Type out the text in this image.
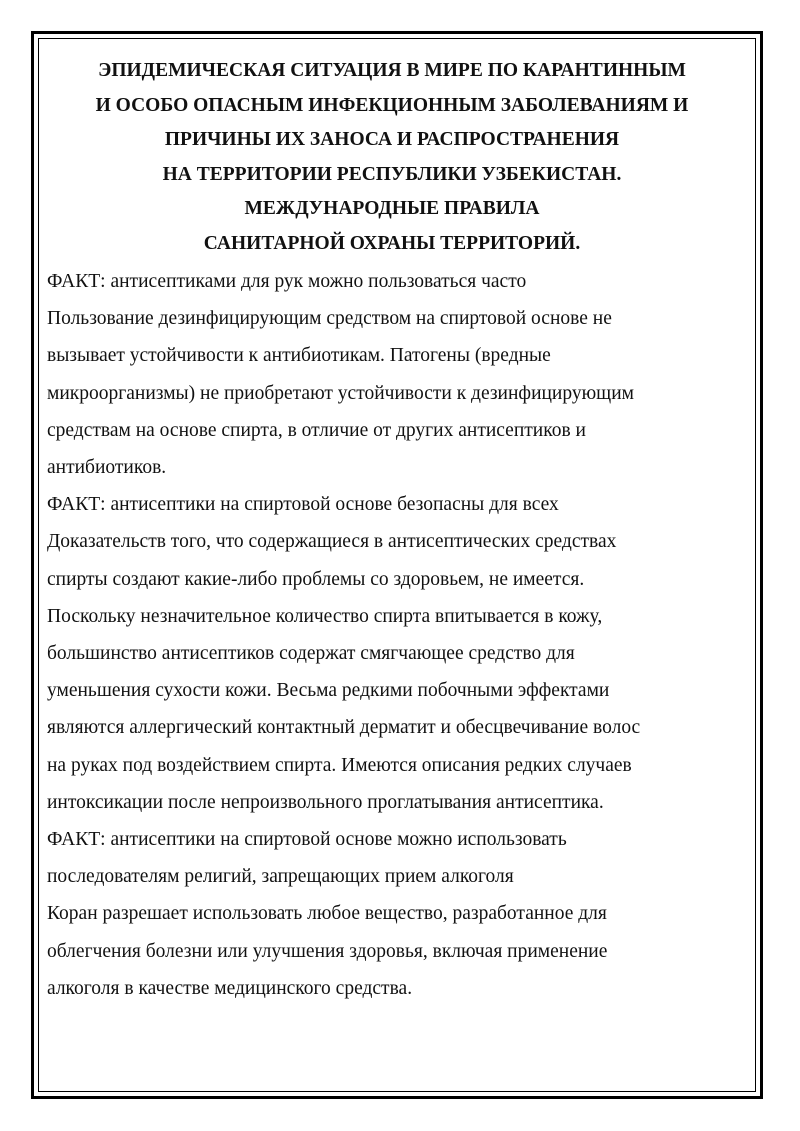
ЭПИДЕМИЧЕСКАЯ СИТУАЦИЯ В МИРЕ ПО КАРАНТИННЫМ
И ОСОБО ОПАСНЫМ ИНФЕКЦИОННЫМ ЗАБОЛЕВАНИЯМ И
ПРИЧИНЫ ИХ ЗАНОСА И РАСПРОСТРАНЕНИЯ
НА ТЕРРИТОРИИ РЕСПУБЛИКИ УЗБЕКИСТАН.
МЕЖДУНАРОДНЫЕ ПРАВИЛА
САНИТАРНОЙ ОХРАНЫ ТЕРРИТОРИЙ.
ФАКТ: антисептиками для рук можно пользоваться часто
Пользование дезинфицирующим средством на спиртовой основе не
вызывает устойчивости к антибиотикам. Патогены (вредные
микроорганизмы) не приобретают устойчивости к дезинфицирующим
средствам на основе спирта, в отличие от других антисептиков и
антибиотиков.
ФАКТ: антисептики на спиртовой основе безопасны для всех
Доказательств того, что содержащиеся в антисептических средствах
спирты создают какие-либо проблемы со здоровьем, не имеется.
Поскольку незначительное количество спирта впитывается в кожу,
большинство антисептиков содержат смягчающее средство для
уменьшения сухости кожи. Весьма редкими побочными эффектами
являются аллергический контактный дерматит и обесцвечивание волос
на руках под воздействием спирта. Имеются описания редких случаев
интоксикации после непроизвольного проглатывания антисептика.
ФАКТ: антисептики на спиртовой основе можно использовать
последователям религий, запрещающих прием алкоголя
Коран разрешает использовать любое вещество, разработанное для
облегчения болезни или улучшения здоровья, включая применение
алкоголя в качестве медицинского средства.
